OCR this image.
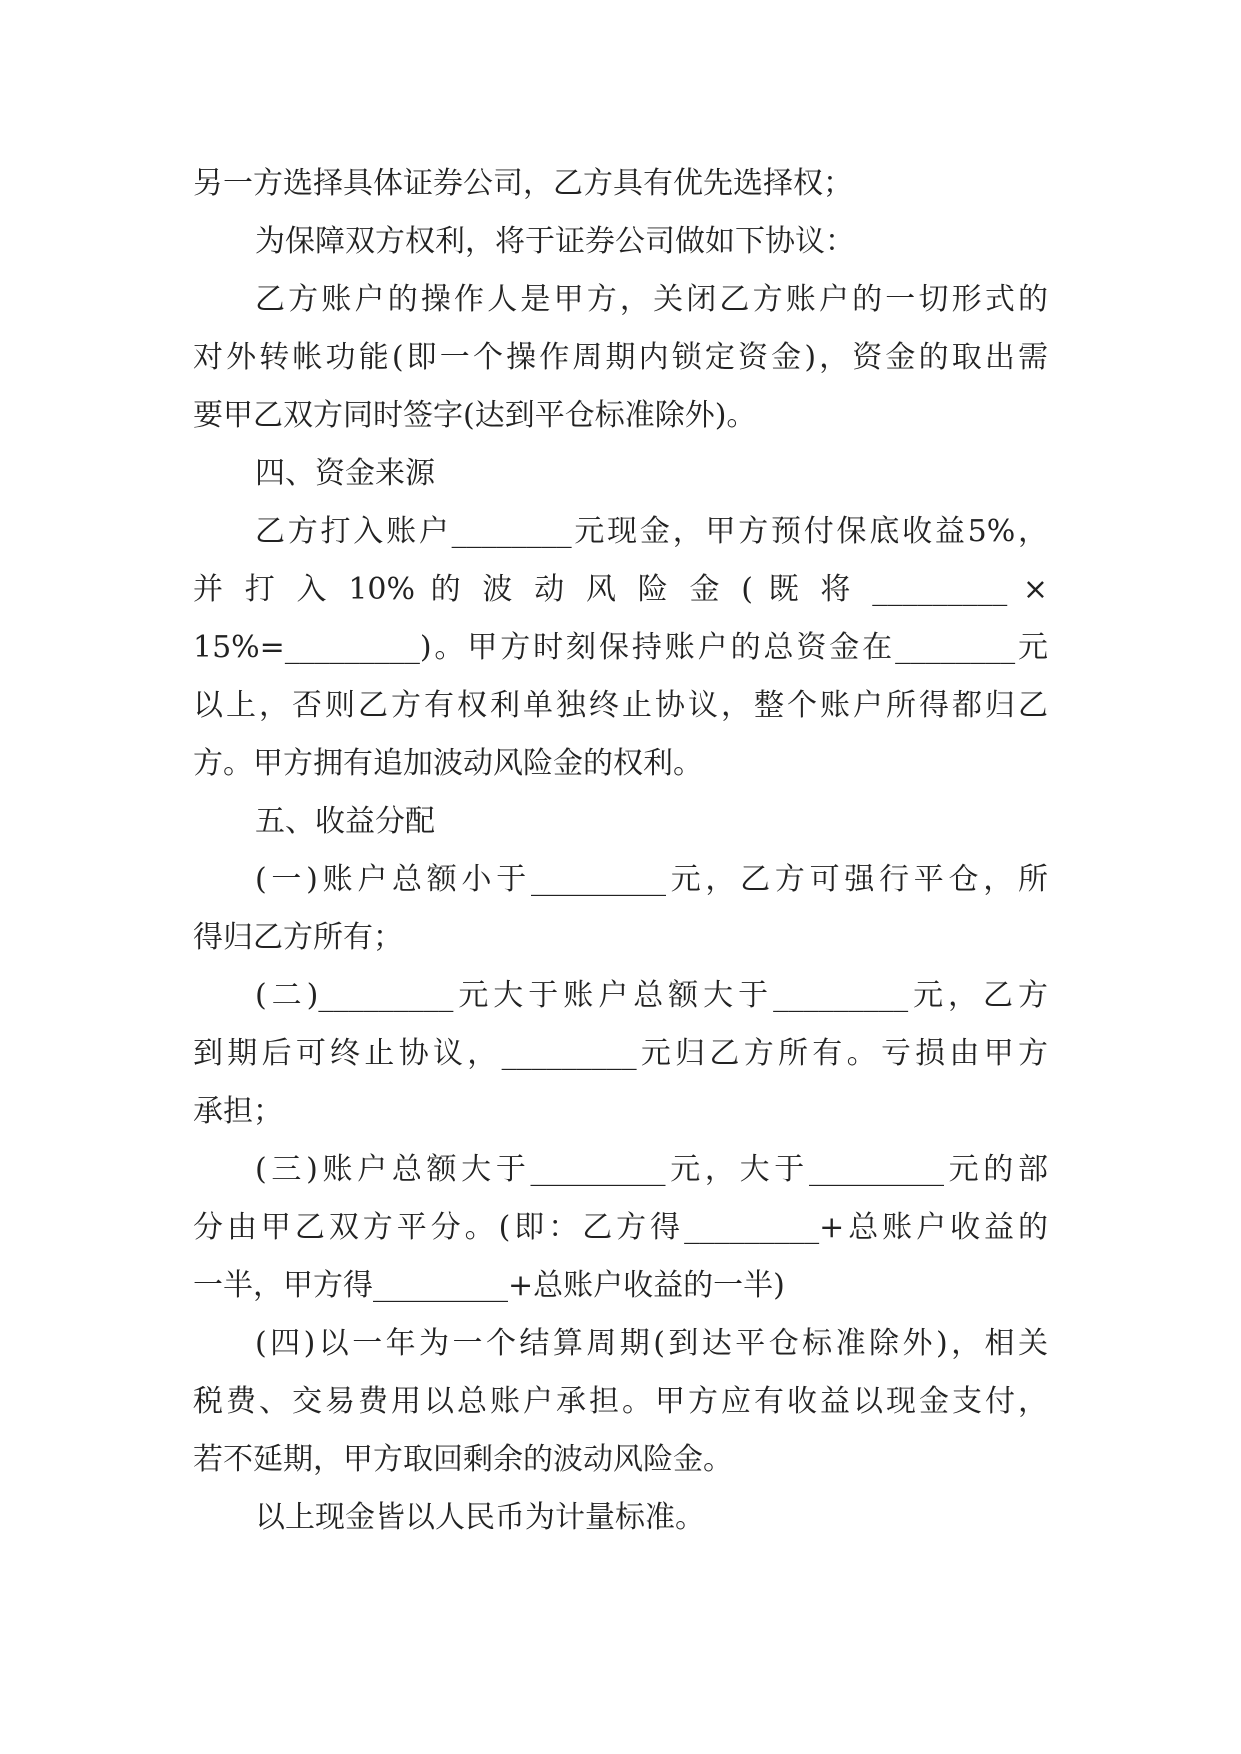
另一方选择具体证券公司，乙方具有优先选择权；
为保障双方权利，将于证券公司做如下协议：
乙方账户的操作人是甲方，关闭乙方账户的一切形式的
对外转帐功能(即一个操作周期内锁定资金)，资金的取出需
要甲乙双方同时签字(达到平仓标准除外)。
四、资金来源
乙方打入账户________元现金，甲方预付保底收益5%，
并 打 入 10% 的 波 动 风 险 金 ( 既 将 _________ ×
15%=_________)。甲方时刻保持账户的总资金在________元
以上，否则乙方有权利单独终止协议，整个账户所得都归乙
方。甲方拥有追加波动风险金的权利。
五、收益分配
(一)账户总额小于_________元，乙方可强行平仓，所
得归乙方所有；
(二)_________元大于账户总额大于_________元，乙方
到期后可终止协议，_________元归乙方所有。亏损由甲方
承担；
(三)账户总额大于_________元，大于_________元的部
分由甲乙双方平分。(即：乙方得_________+总账户收益的
一半，甲方得_________+总账户收益的一半)
(四)以一年为一个结算周期(到达平仓标准除外)，相关
税费、交易费用以总账户承担。甲方应有收益以现金支付，
若不延期，甲方取回剩余的波动风险金。
以上现金皆以人民币为计量标准。
